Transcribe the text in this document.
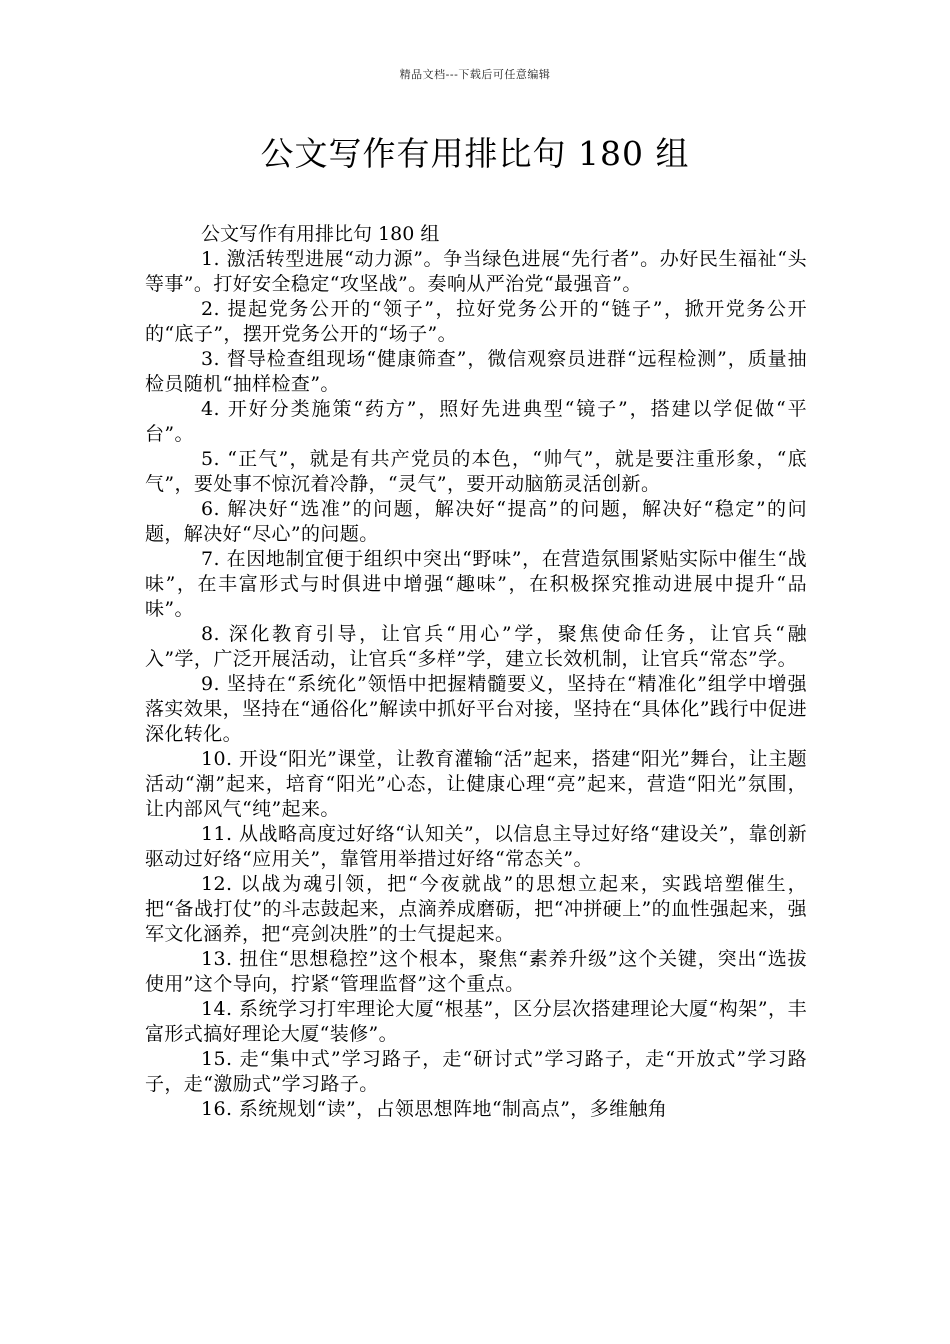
精品文档---下载后可任意编辑
公文写作有用排比句 180 组

公文写作有用排比句 180 组

1. 激活转型进展“动力源”。争当绿色进展“先行者”。办好民生福祉“头等事”。打好安全稳定“攻坚战”。奏响从严治党“最强音”。

2. 提起党务公开的“领子”，拉好党务公开的“链子”，掀开党务公开的“底子”，摆开党务公开的“场子”。

3. 督导检查组现场“健康筛查”，微信观察员进群“远程检测”，质量抽检员随机“抽样检查”。

4. 开好分类施策“药方”，照好先进典型“镜子”，搭建以学促做“平台”。

5. “正气”，就是有共产党员的本色，“帅气”，就是要注重形象，“底气”，要处事不惊沉着冷静，“灵气”，要开动脑筋灵活创新。

6. 解决好“选准”的问题，解决好“提高”的问题，解决好“稳定”的问题，解决好“尽心”的问题。

7. 在因地制宜便于组织中突出“野味”，在营造氛围紧贴实际中催生“战味”，在丰富形式与时俱进中增强“趣味”，在积极探究推动进展中提升“品味”。

8. 深化教育引导，让官兵“用心”学，聚焦使命任务，让官兵“融入”学，广泛开展活动，让官兵“多样”学，建立长效机制，让官兵“常态”学。

9. 坚持在“系统化”领悟中把握精髓要义，坚持在“精准化”组学中增强落实效果，坚持在“通俗化”解读中抓好平台对接，坚持在“具体化”践行中促进深化转化。

10. 开设“阳光”课堂，让教育灌输“活”起来，搭建“阳光”舞台，让主题活动“潮”起来，培育“阳光”心态，让健康心理“亮”起来，营造“阳光”氛围，让内部风气“纯”起来。

11. 从战略高度过好络“认知关”，以信息主导过好络“建设关”，靠创新驱动过好络“应用关”，靠管用举措过好络“常态关”。

12. 以战为魂引领，把“今夜就战”的思想立起来，实践培塑催生，把“备战打仗”的斗志鼓起来，点滴养成磨砺，把“冲拼硬上”的血性强起来，强军文化涵养，把“亮剑决胜”的士气提起来。

13. 扭住“思想稳控”这个根本，聚焦“素养升级”这个关键，突出“选拔使用”这个导向，拧紧“管理监督”这个重点。

14. 系统学习打牢理论大厦“根基”，区分层次搭建理论大厦“构架”，丰富形式搞好理论大厦“装修”。

15. 走“集中式”学习路子，走“研讨式”学习路子，走“开放式”学习路子，走“激励式”学习路子。

16. 系统规划“读”，占领思想阵地“制高点”，多维触角
